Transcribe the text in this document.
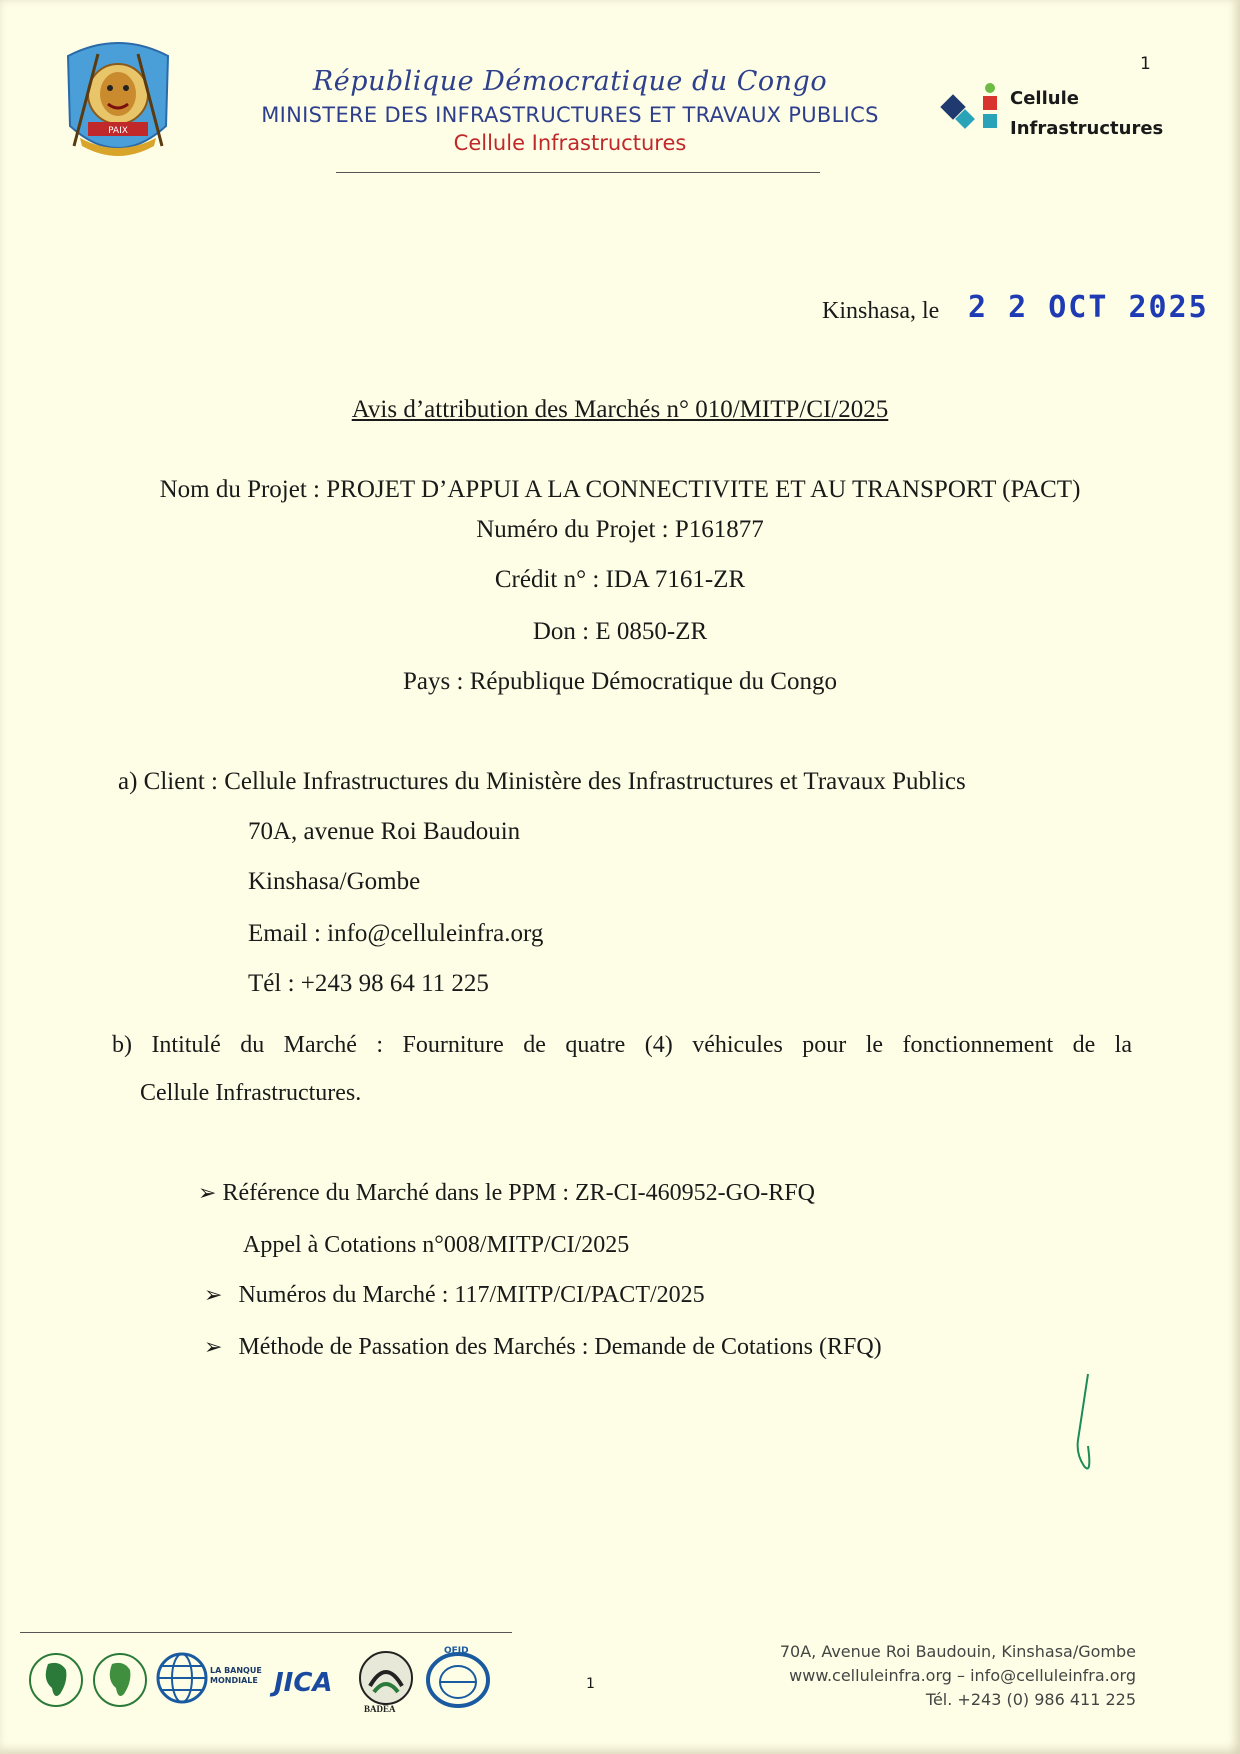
PAIX
République Démocratique du Congo
MINISTERE DES INFRASTRUCTURES ET TRAVAUX PUBLICS
Cellule Infrastructures
1
Cellule
Infrastructures
Kinshasa, le 2 2 OCT 2025
Avis d’attribution des Marchés n° 010/MITP/CI/2025
Nom du Projet : PROJET D’APPUI A LA CONNECTIVITE ET AU TRANSPORT (PACT)
Numéro du Projet : P161877
Crédit n° : IDA 7161-ZR
Don : E 0850-ZR
Pays : République Démocratique du Congo
a) Client : Cellule Infrastructures du Ministère des Infrastructures et Travaux Publics
70A, avenue Roi Baudouin
Kinshasa/Gombe
Email : info@celluleinfra.org
Tél : +243 98 64 11 225
b) Intitulé du Marché : Fourniture de quatre (4) véhicules pour le fonctionnement de la
Cellule Infrastructures.
➢ Référence du Marché dans le PPM : ZR-CI-460952-GO-RFQ
Appel à Cotations n°008/MITP/CI/2025
➢ Numéros du Marché : 117/MITP/CI/PACT/2025
➢ Méthode de Passation des Marchés : Demande de Cotations (RFQ)
LA BANQUE MONDIALE JICA
BADEA
OFID
1
70A, Avenue Roi Baudouin, Kinshasa/Gombe
www.celluleinfra.org – info@celluleinfra.org
Tél. +243 (0) 986 411 225
